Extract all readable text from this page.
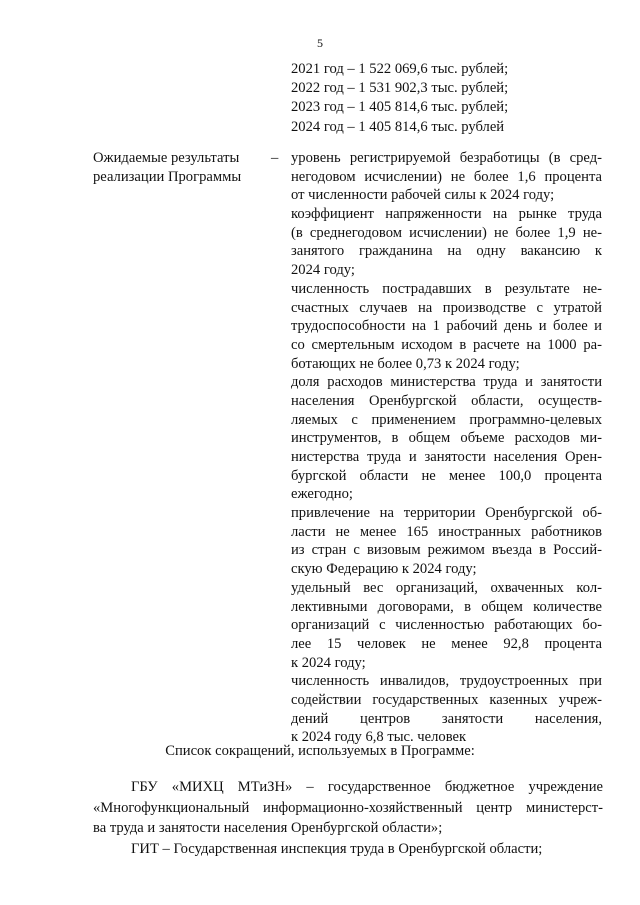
5
2021 год – 1 522 069,6 тыс. рублей;
2022 год – 1 531 902,3 тыс. рублей;
2023 год – 1 405 814,6 тыс. рублей;
2024 год – 1 405 814,6 тыс. рублей
Ожидаемые результаты
реализации Программы
– уровень регистрируемой безработицы (в сред-
негодовом исчислении) не более 1,6 процента
от численности рабочей силы к 2024 году;
коэффициент напряженности на рынке труда
(в среднегодовом исчислении) не более 1,9 не-
занятого гражданина на одну вакансию к
2024 году;
численность пострадавших в результате не-
счастных случаев на производстве с утратой
трудоспособности на 1 рабочий день и более и
со смертельным исходом в расчете на 1000 ра-
ботающих не более 0,73 к 2024 году;
доля расходов министерства труда и занятости
населения Оренбургской области, осуществ-
ляемых с применением программно-целевых
инструментов, в общем объеме расходов ми-
нистерства труда и занятости населения Орен-
бургской области не менее 100,0 процента
ежегодно;
привлечение на территории Оренбургской об-
ласти не менее 165 иностранных работников
из стран с визовым режимом въезда в Россий-
скую Федерацию к 2024 году;
удельный вес организаций, охваченных кол-
лективными договорами, в общем количестве
организаций с численностью работающих бо-
лее 15 человек не менее 92,8 процента
к 2024 году;
численность инвалидов, трудоустроенных при
содействии государственных казенных учреж-
дений центров занятости населения,
к 2024 году 6,8 тыс. человек
Список сокращений, используемых в Программе:
ГБУ «МИХЦ МТиЗН» – государственное бюджетное учреждение
«Многофункциональный информационно-хозяйственный центр министерст-
ва труда и занятости населения Оренбургской области»;
ГИТ – Государственная инспекция труда в Оренбургской области;
